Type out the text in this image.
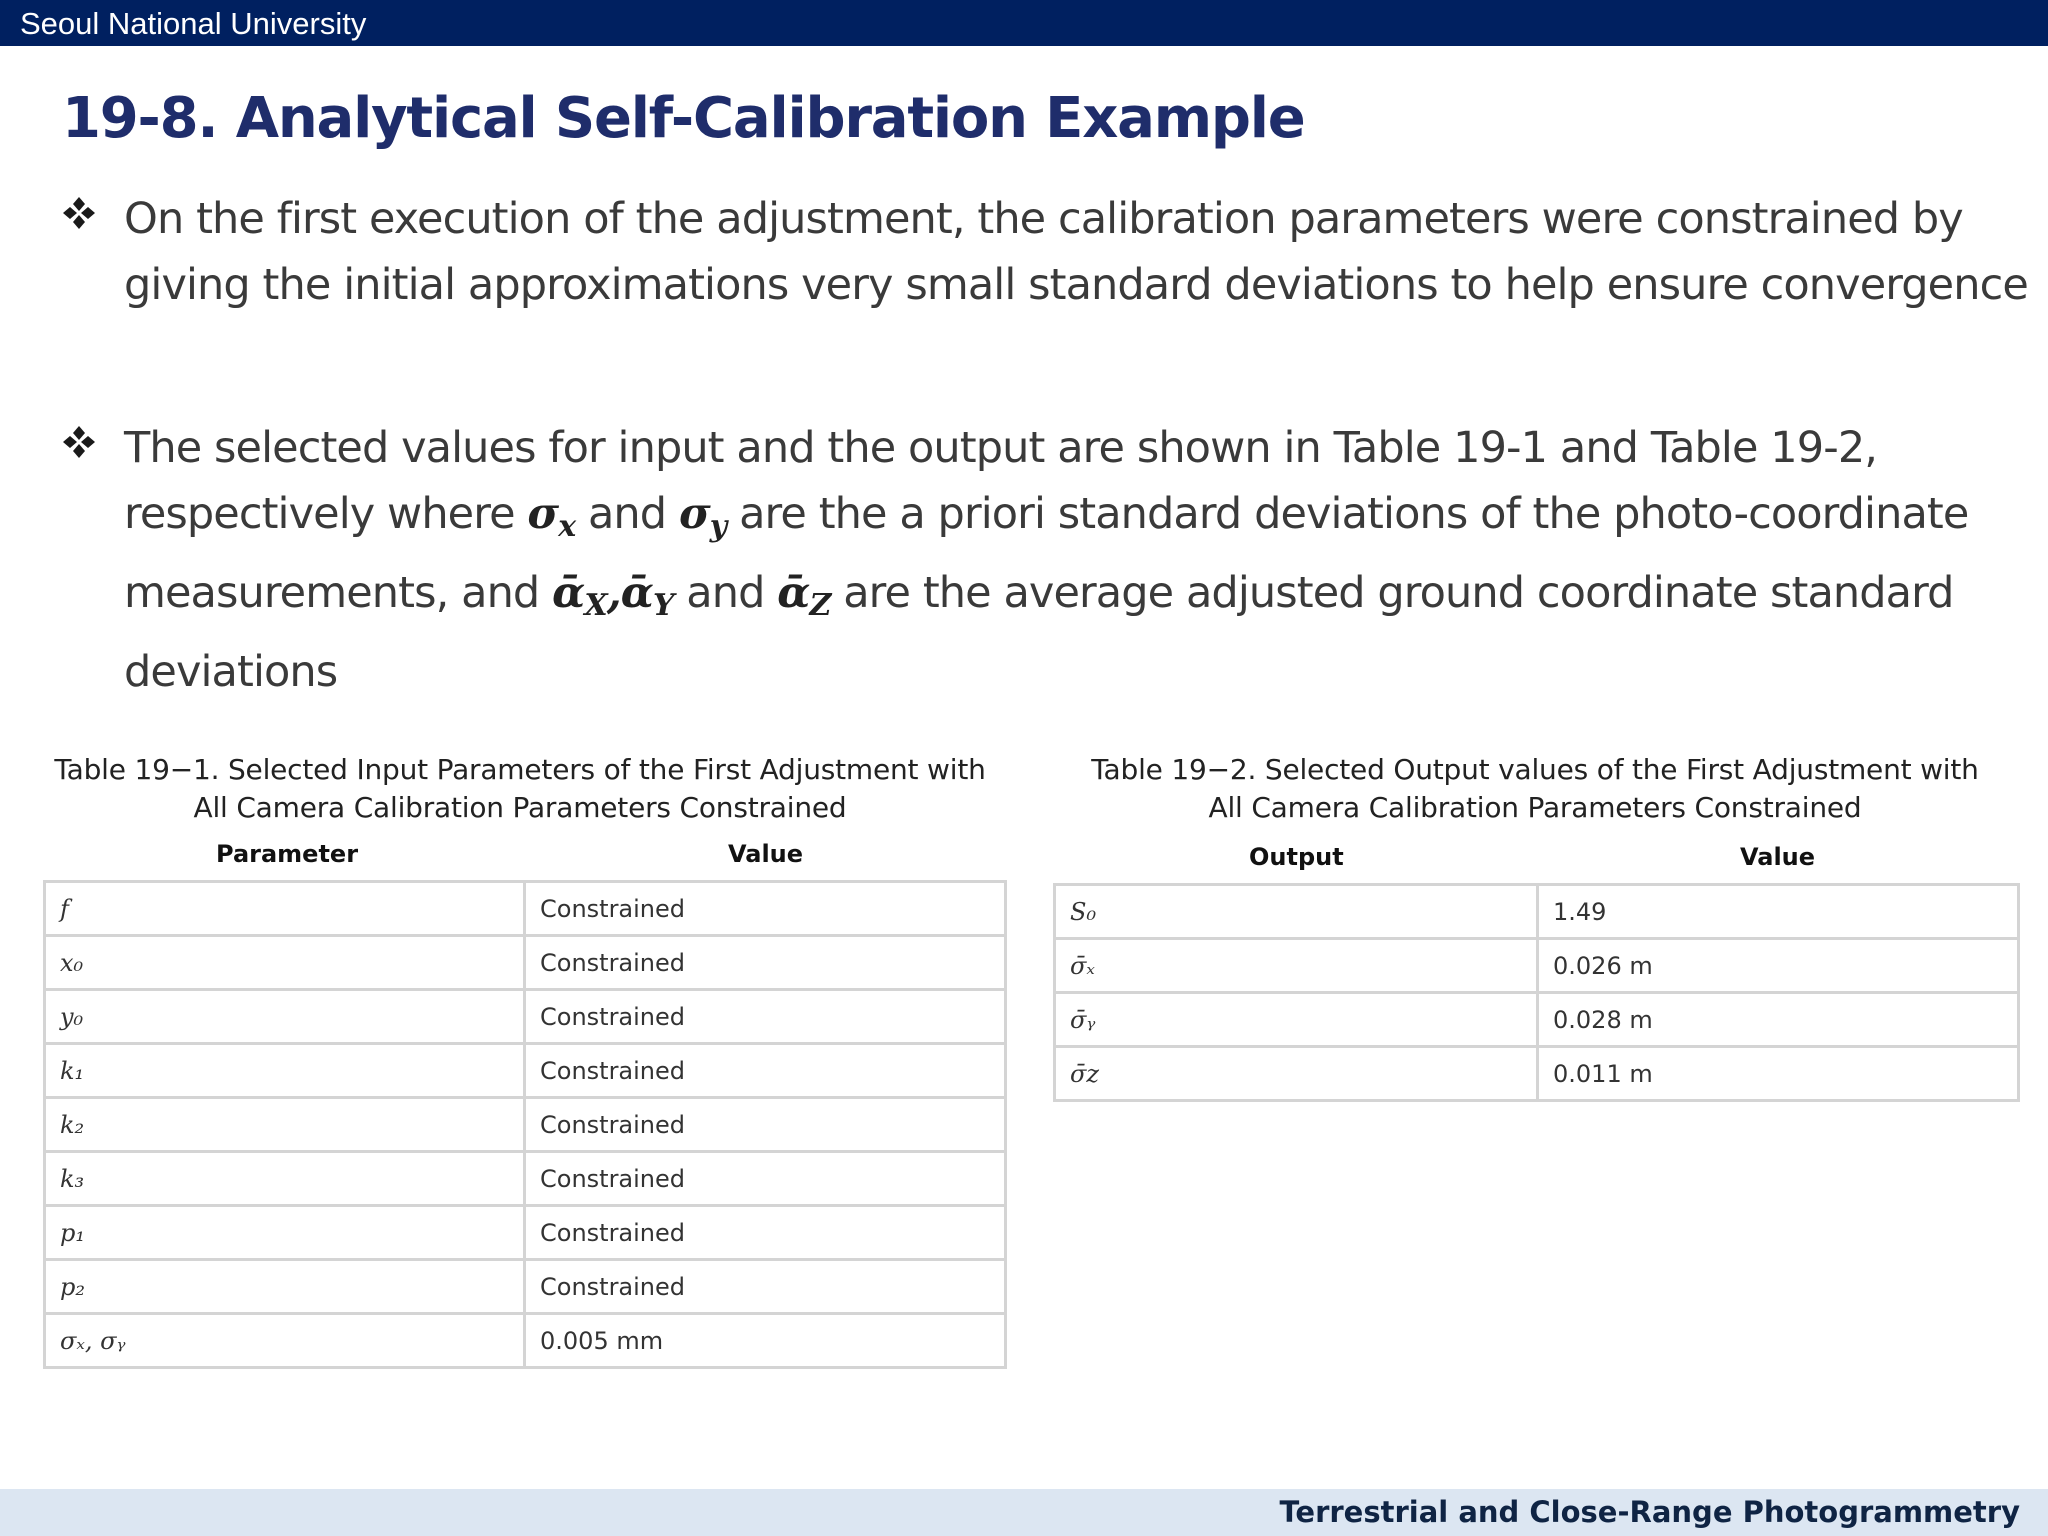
Seoul National University
19-8. Analytical Self-Calibration Example
On the first execution of the adjustment, the calibration parameters were constrained by giving the initial approximations very small standard deviations to help ensure convergence
The selected values for input and the output are shown in Table 19-1 and Table 19-2, respectively where $\sigma_x$ and $\sigma_y$ are the a priori standard deviations of the photo-coordinate measurements, and ᾱ$_X$,ᾱ$_Y$ and ᾱ$_Z$ are the average adjusted ground coordinate standard deviations
Table 19−1. Selected Input Parameters of the First Adjustment with All Camera Calibration Parameters Constrained
Parameter	Value
f	Constrained
x₀	Constrained
y₀	Constrained
k₁	Constrained
k₂	Constrained
k₃	Constrained
p₁	Constrained
p₂	Constrained
σₓ, σᵧ	0.005 mm
Table 19−2. Selected Output values of the First Adjustment with All Camera Calibration Parameters Constrained
Output	Value
S₀	1.49
σ̄ₓ	0.026 m
σ̄ᵧ	0.028 m
σ̄z	0.011 m
Terrestrial and Close-Range Photogrammetry
